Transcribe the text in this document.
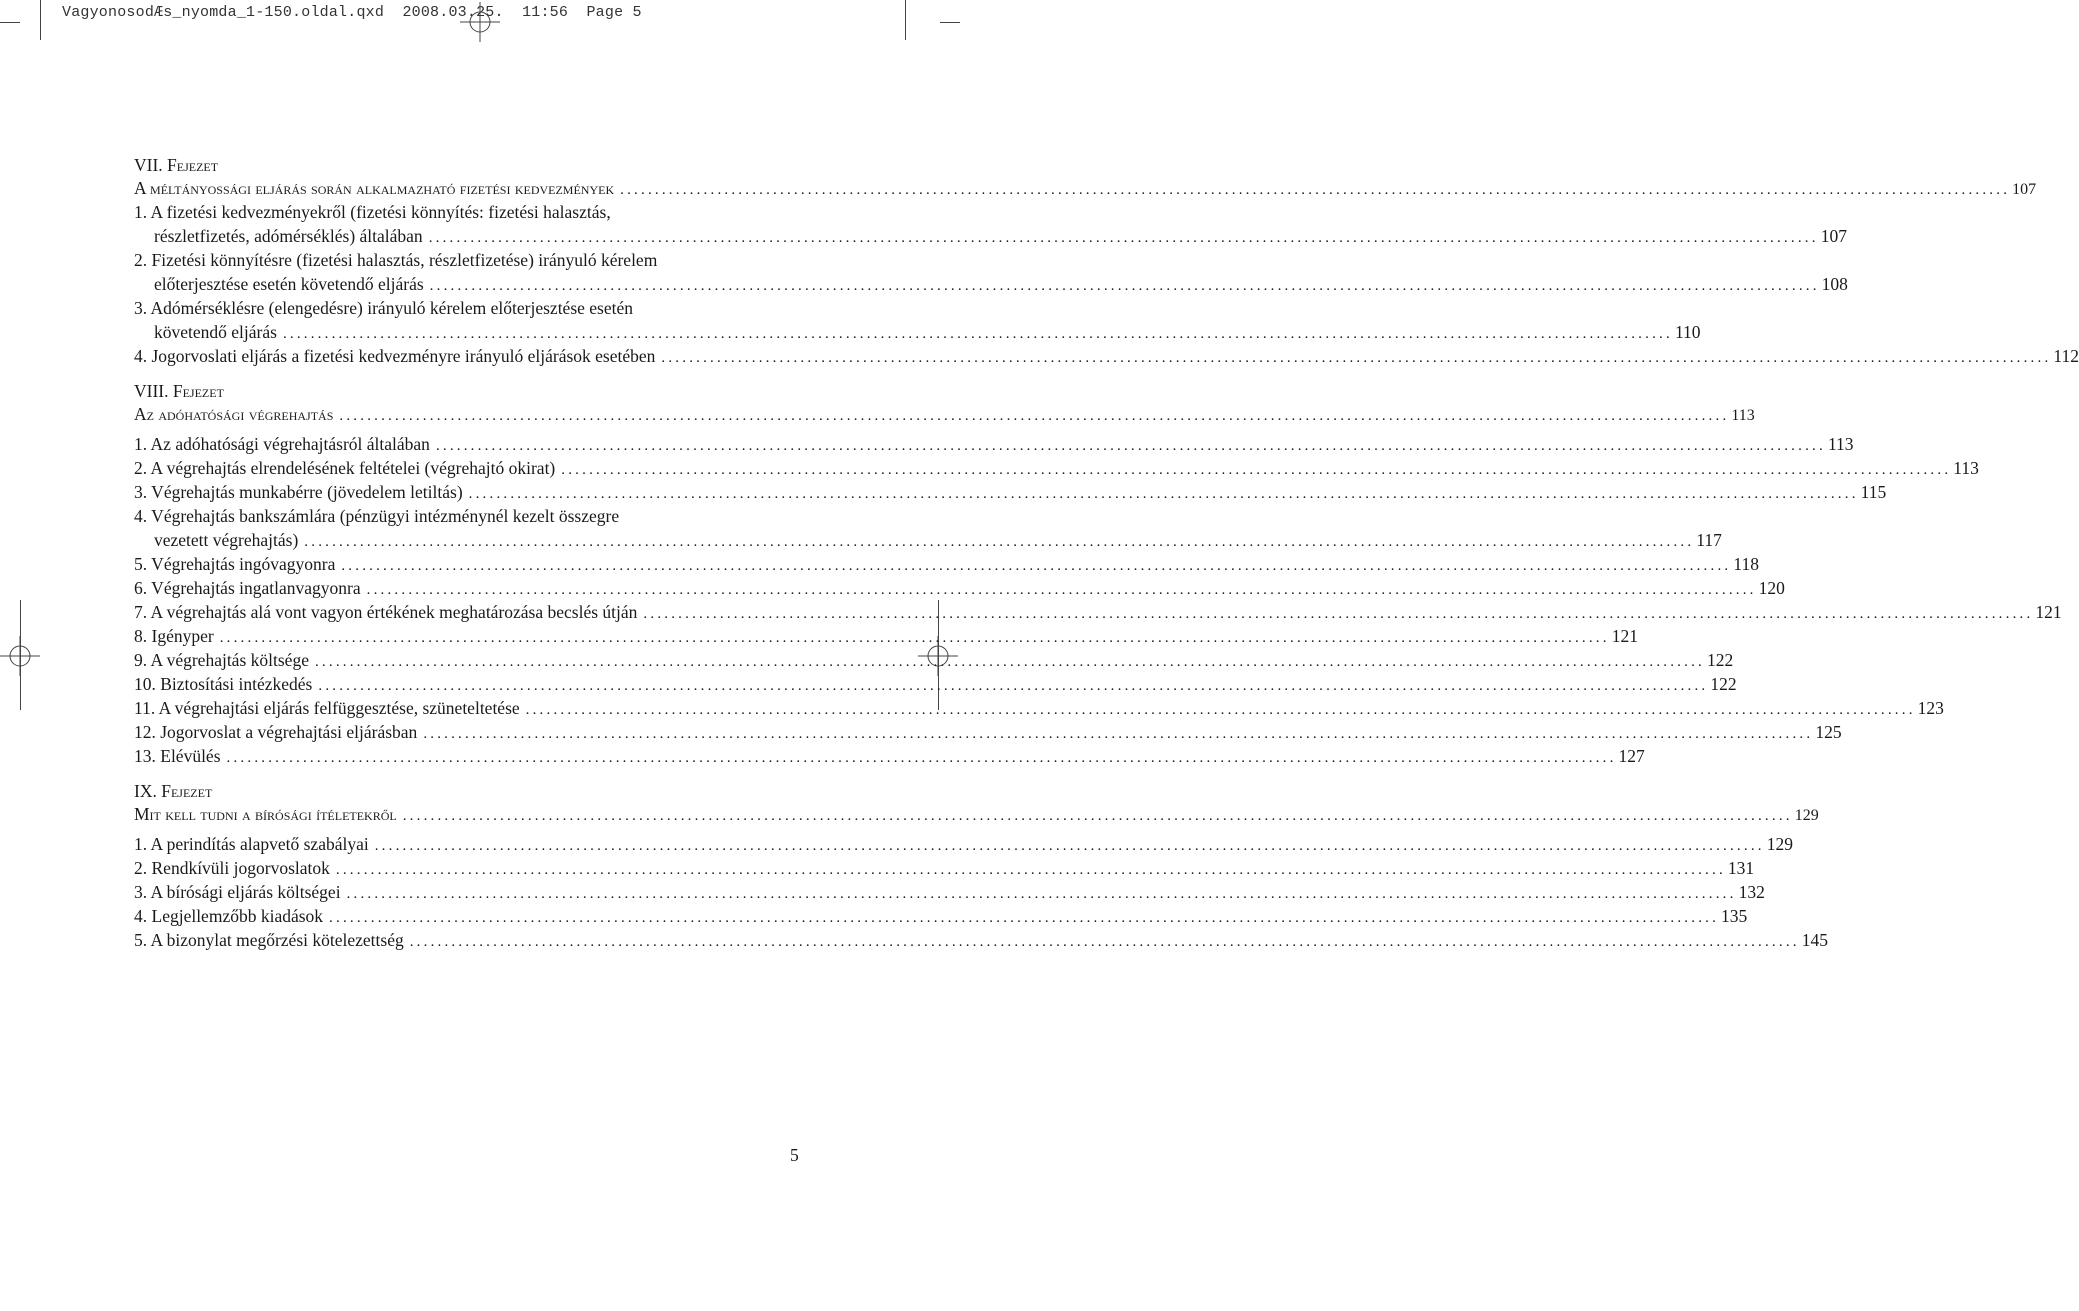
VagyonosodÆs_nyomda_1-150.oldal.qxd  2008.03.25.  11:56  Page 5
VII. Fejezet
A méltányossági eljárás során alkalmazható fizetési kedvezmények ........................................................................................................................................................................................................ 107
1. A fizetési kedvezményekről (fizetési könnyítés: fizetési halasztás,
részletfizetés, adómérséklés) általában ........................................................................................................................................................................................................ 107
2. Fizetési könnyítésre (fizetési halasztás, részletfizetése) irányuló kérelem
előterjesztése esetén követendő eljárás ........................................................................................................................................................................................................ 108
3. Adómérséklésre (elengedésre) irányuló kérelem előterjesztése esetén
követendő eljárás ........................................................................................................................................................................................................ 110
4. Jogorvoslati eljárás a fizetési kedvezményre irányuló eljárások esetében ........................................................................................................................................................................................................ 112
VIII. Fejezet
Az adóhatósági végrehajtás ........................................................................................................................................................................................................ 113
1. Az adóhatósági végrehajtásról általában ........................................................................................................................................................................................................ 113
2. A végrehajtás elrendelésének feltételei (végrehajtó okirat) ........................................................................................................................................................................................................ 113
3. Végrehajtás munkabérre (jövedelem letiltás) ........................................................................................................................................................................................................ 115
4. Végrehajtás bankszámlára (pénzügyi intézménynél kezelt összegre
vezetett végrehajtás) ........................................................................................................................................................................................................ 117
5. Végrehajtás ingóvagyonra ........................................................................................................................................................................................................ 118
6. Végrehajtás ingatlanvagyonra ........................................................................................................................................................................................................ 120
7. A végrehajtás alá vont vagyon értékének meghatározása becslés útján ........................................................................................................................................................................................................ 121
8. Igényper ........................................................................................................................................................................................................ 121
9. A végrehajtás költsége ........................................................................................................................................................................................................ 122
10. Biztosítási intézkedés ........................................................................................................................................................................................................ 122
11. A végrehajtási eljárás felfüggesztése, szüneteltetése ........................................................................................................................................................................................................ 123
12. Jogorvoslat a végrehajtási eljárásban ........................................................................................................................................................................................................ 125
13. Elévülés ........................................................................................................................................................................................................ 127
IX. Fejezet
Mit kell tudni a bírósági ítéletekről ........................................................................................................................................................................................................ 129
1. A perindítás alapvető szabályai ........................................................................................................................................................................................................ 129
2. Rendkívüli jogorvoslatok ........................................................................................................................................................................................................ 131
3. A bírósági eljárás költségei ........................................................................................................................................................................................................ 132
4. Legjellemzőbb kiadások ........................................................................................................................................................................................................ 135
5. A bizonylat megőrzési kötelezettség ........................................................................................................................................................................................................ 145
5
